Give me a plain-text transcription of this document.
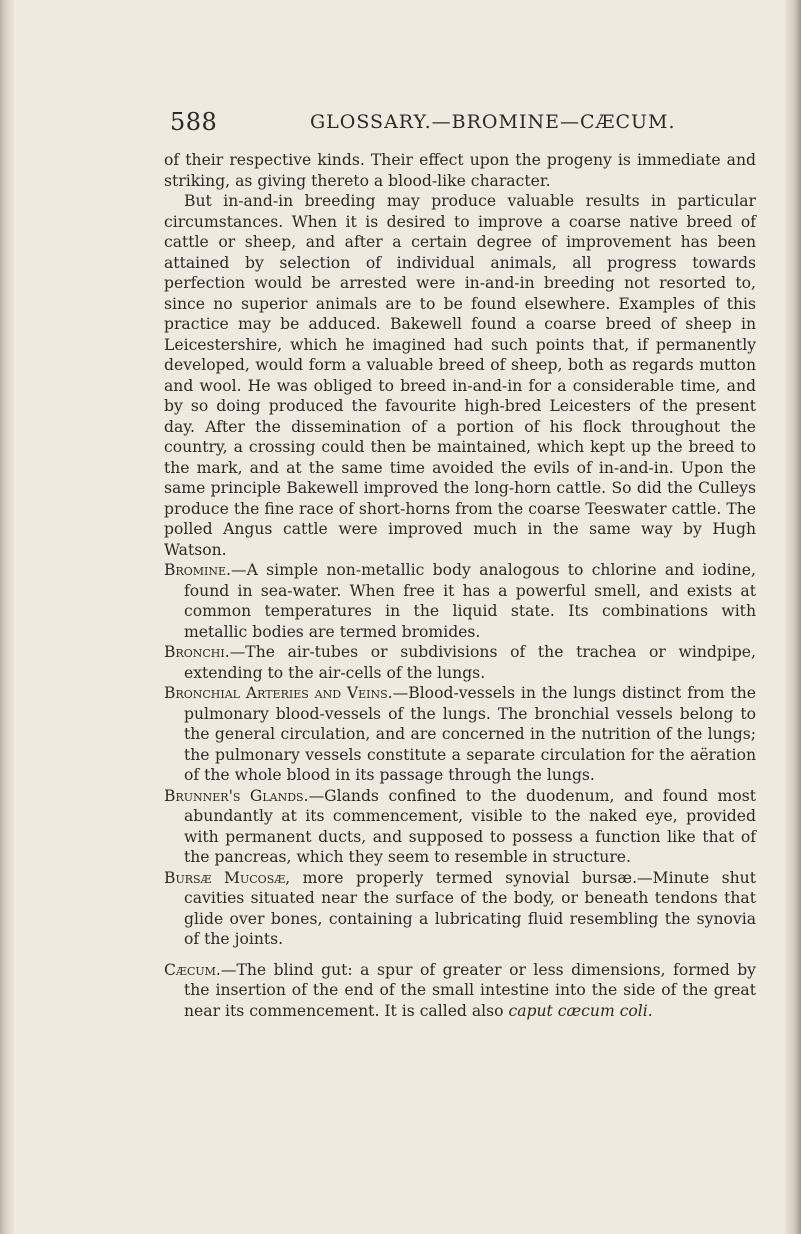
588	GLOSSARY.—BROMINE—CÆCUM.

of their respective kinds. Their effect upon the progeny is immediate and striking, as giving thereto a blood-like character.

But in-and-in breeding may produce valuable results in particular circumstances. When it is desired to improve a coarse native breed of cattle or sheep, and after a certain degree of improvement has been attained by selection of individual animals, all progress towards perfection would be arrested were in-and-in breeding not resorted to, since no superior animals are to be found elsewhere. Examples of this practice may be adduced. Bakewell found a coarse breed of sheep in Leicestershire, which he imagined had such points that, if permanently developed, would form a valuable breed of sheep, both as regards mutton and wool. He was obliged to breed in-and-in for a considerable time, and by so doing produced the favourite high-bred Leicesters of the present day. After the dissemination of a portion of his flock throughout the country, a crossing could then be maintained, which kept up the breed to the mark, and at the same time avoided the evils of in-and-in. Upon the same principle Bakewell improved the long-horn cattle. So did the Culleys produce the fine race of short-horns from the coarse Teeswater cattle. The polled Angus cattle were improved much in the same way by Hugh Watson.

Bromine.—A simple non-metallic body analogous to chlorine and iodine, found in sea-water. When free it has a powerful smell, and exists at common temperatures in the liquid state. Its combinations with metallic bodies are termed bromides.

Bronchi.—The air-tubes or subdivisions of the trachea or windpipe, extending to the air-cells of the lungs.

Bronchial Arteries and Veins.—Blood-vessels in the lungs distinct from the pulmonary blood-vessels of the lungs. The bronchial vessels belong to the general circulation, and are concerned in the nutrition of the lungs; the pulmonary vessels constitute a separate circulation for the aëration of the whole blood in its passage through the lungs.

Brunner's Glands.—Glands confined to the duodenum, and found most abundantly at its commencement, visible to the naked eye, provided with permanent ducts, and supposed to possess a function like that of the pancreas, which they seem to resemble in structure.

Bursæ Mucosæ, more properly termed synovial bursæ.—Minute shut cavities situated near the surface of the body, or beneath tendons that glide over bones, containing a lubricating fluid resembling the synovia of the joints.

Cæcum.—The blind gut: a spur of greater or less dimensions, formed by the insertion of the end of the small intestine into the side of the great near its commencement. It is called also caput cæcum coli.
